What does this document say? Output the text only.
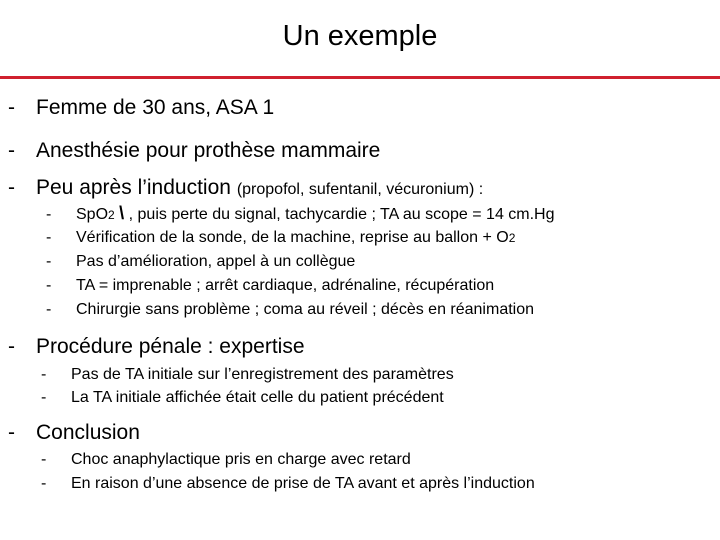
Un exemple
- Femme de 30 ans, ASA 1
- Anesthésie pour prothèse mammaire
- Peu après l’induction (propofol, sufentanil, vécuronium) :
- SpO2 \ , puis perte du signal, tachycardie ; TA au scope = 14 cm.Hg
- Vérification de la sonde, de la machine, reprise au ballon + O2
- Pas d’amélioration, appel à un collègue
- TA = imprenable ; arrêt cardiaque, adrénaline, récupération
- Chirurgie sans problème ; coma au réveil ; décès en réanimation
- Procédure pénale : expertise
- Pas de TA initiale sur l’enregistrement des paramètres
- La TA initiale affichée était celle du patient précédent
- Conclusion
- Choc anaphylactique pris en charge avec retard
- En raison d’une absence de prise de TA avant et après l’induction
